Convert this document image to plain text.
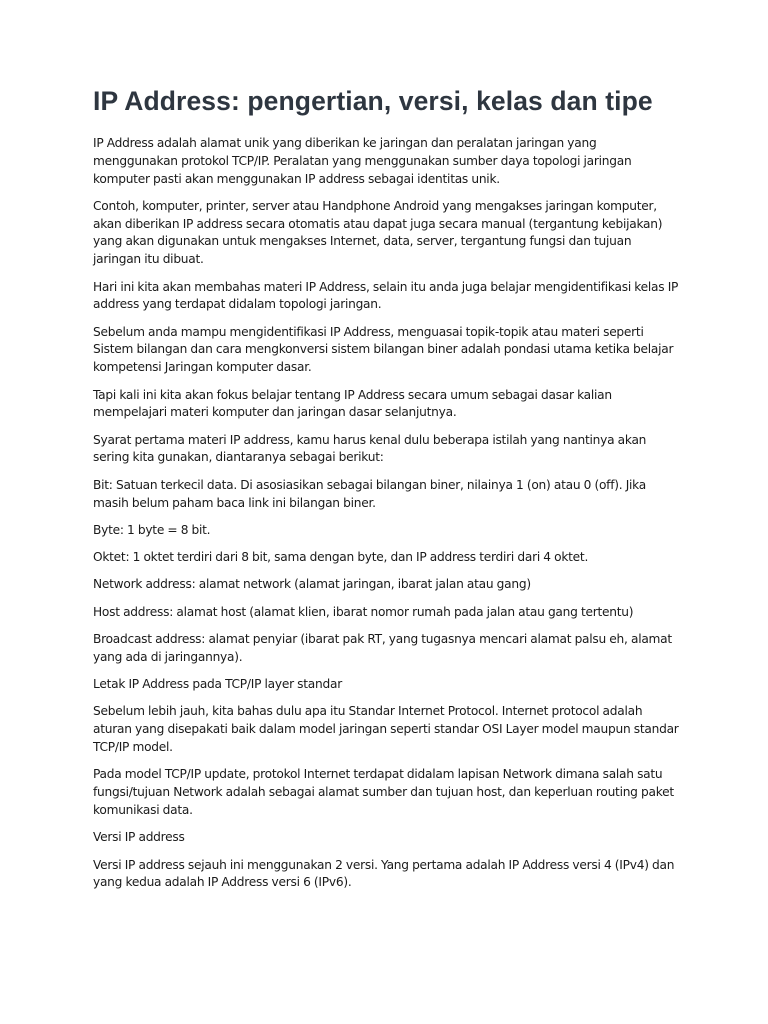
IP Address: pengertian, versi, kelas dan tipe

IP Address adalah alamat unik yang diberikan ke jaringan dan peralatan jaringan yang menggunakan protokol TCP/IP. Peralatan yang menggunakan sumber daya topologi jaringan komputer pasti akan menggunakan IP address sebagai identitas unik.

Contoh, komputer, printer, server atau Handphone Android yang mengakses jaringan komputer, akan diberikan IP address secara otomatis atau dapat juga secara manual (tergantung kebijakan) yang akan digunakan untuk mengakses Internet, data, server, tergantung fungsi dan tujuan jaringan itu dibuat.

Hari ini kita akan membahas materi IP Address, selain itu anda juga belajar mengidentifikasi kelas IP address yang terdapat didalam topologi jaringan.

Sebelum anda mampu mengidentifikasi IP Address, menguasai topik-topik atau materi seperti Sistem bilangan dan cara mengkonversi sistem bilangan biner adalah pondasi utama ketika belajar kompetensi Jaringan komputer dasar.

Tapi kali ini kita akan fokus belajar tentang IP Address secara umum sebagai dasar kalian mempelajari materi komputer dan jaringan dasar selanjutnya.

Syarat pertama materi IP address, kamu harus kenal dulu beberapa istilah yang nantinya akan sering kita gunakan, diantaranya sebagai berikut:

Bit: Satuan terkecil data. Di asosiasikan sebagai bilangan biner, nilainya 1 (on) atau 0 (off). Jika masih belum paham baca link ini bilangan biner.

Byte: 1 byte = 8 bit.

Oktet: 1 oktet terdiri dari 8 bit, sama dengan byte, dan IP address terdiri dari 4 oktet.

Network address: alamat network (alamat jaringan, ibarat jalan atau gang)

Host address: alamat host (alamat klien, ibarat nomor rumah pada jalan atau gang tertentu)

Broadcast address: alamat penyiar (ibarat pak RT, yang tugasnya mencari alamat palsu eh, alamat yang ada di jaringannya).

Letak IP Address pada TCP/IP layer standar

Sebelum lebih jauh, kita bahas dulu apa itu Standar Internet Protocol. Internet protocol adalah aturan yang disepakati baik dalam model jaringan seperti standar OSI Layer model maupun standar TCP/IP model.

Pada model TCP/IP update, protokol Internet terdapat didalam lapisan Network dimana salah satu fungsi/tujuan Network adalah sebagai alamat sumber dan tujuan host, dan keperluan routing paket komunikasi data.

Versi IP address

Versi IP address sejauh ini menggunakan 2 versi. Yang pertama adalah IP Address versi 4 (IPv4) dan yang kedua adalah IP Address versi 6 (IPv6).
